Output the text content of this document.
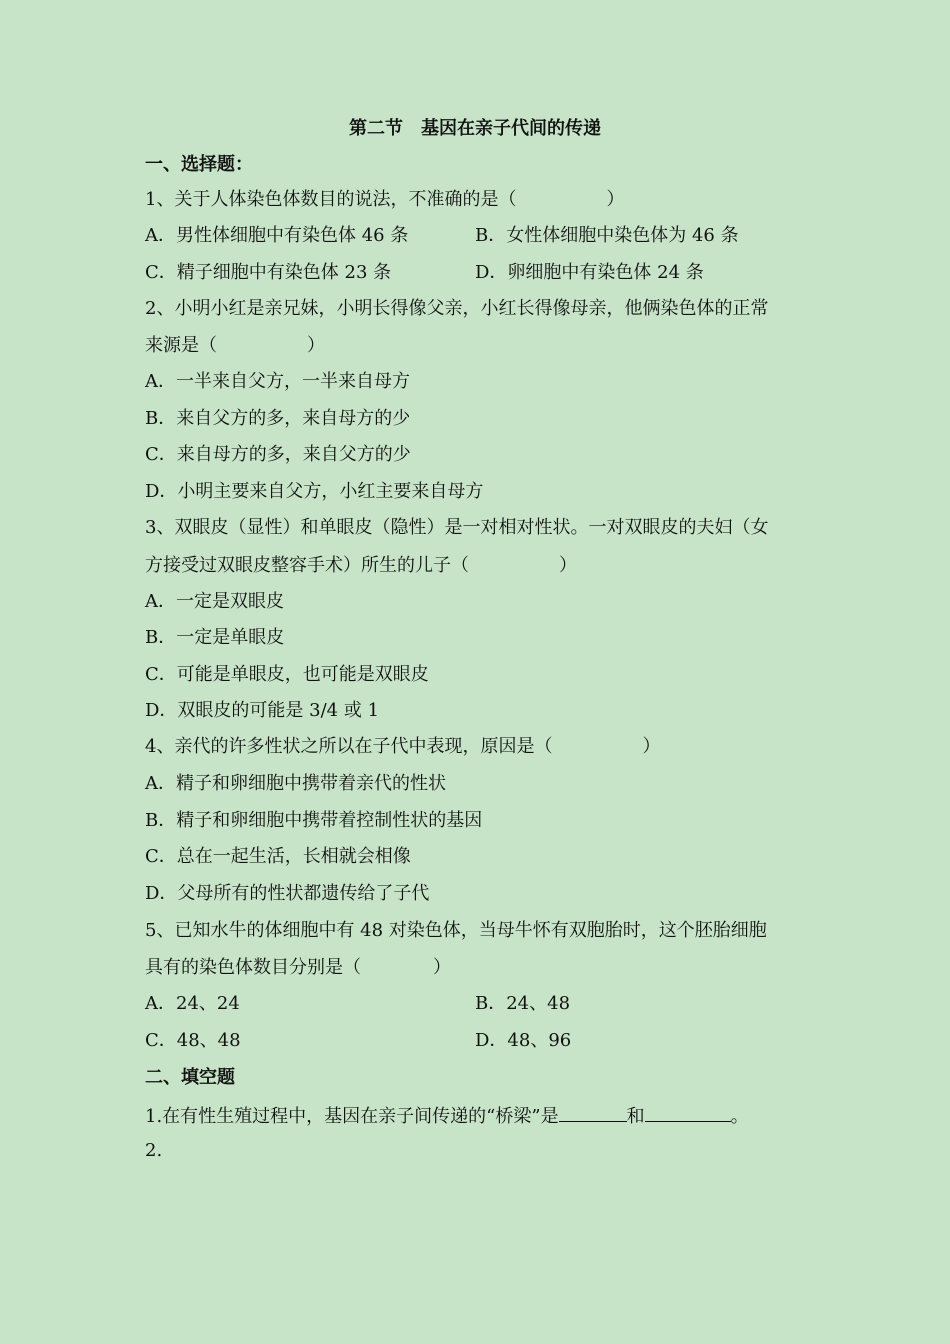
第二节　基因在亲子代间的传递
一、选择题：
1、关于人体染色体数目的说法，不准确的是（　　　　　）
A．男性体细胞中有染色体 46 条	B．女性体细胞中染色体为 46 条
C．精子细胞中有染色体 23 条	D．卵细胞中有染色体 24 条
2、小明小红是亲兄妹，小明长得像父亲，小红长得像母亲，他俩染色体的正常
来源是（　　　　　）
A．一半来自父方，一半来自母方
B．来自父方的多，来自母方的少
C．来自母方的多，来自父方的少
D．小明主要来自父方，小红主要来自母方
3、双眼皮（显性）和单眼皮（隐性）是一对相对性状。一对双眼皮的夫妇（女
方接受过双眼皮整容手术）所生的儿子（　　　　　）
A．一定是双眼皮
B．一定是单眼皮
C．可能是单眼皮，也可能是双眼皮
D．双眼皮的可能是 3/4 或 1
4、亲代的许多性状之所以在子代中表现，原因是（　　　　　）
A．精子和卵细胞中携带着亲代的性状
B．精子和卵细胞中携带着控制性状的基因
C．总在一起生活，长相就会相像
D．父母所有的性状都遗传给了子代
5、已知水牛的体细胞中有 48 对染色体，当母牛怀有双胞胎时，这个胚胎细胞
具有的染色体数目分别是（　　　　）
A．24、24	B．24、48
C．48、48	D．48、96
二、填空题
1.在有性生殖过程中，基因在亲子间传递的“桥梁”是	和	。
2.
